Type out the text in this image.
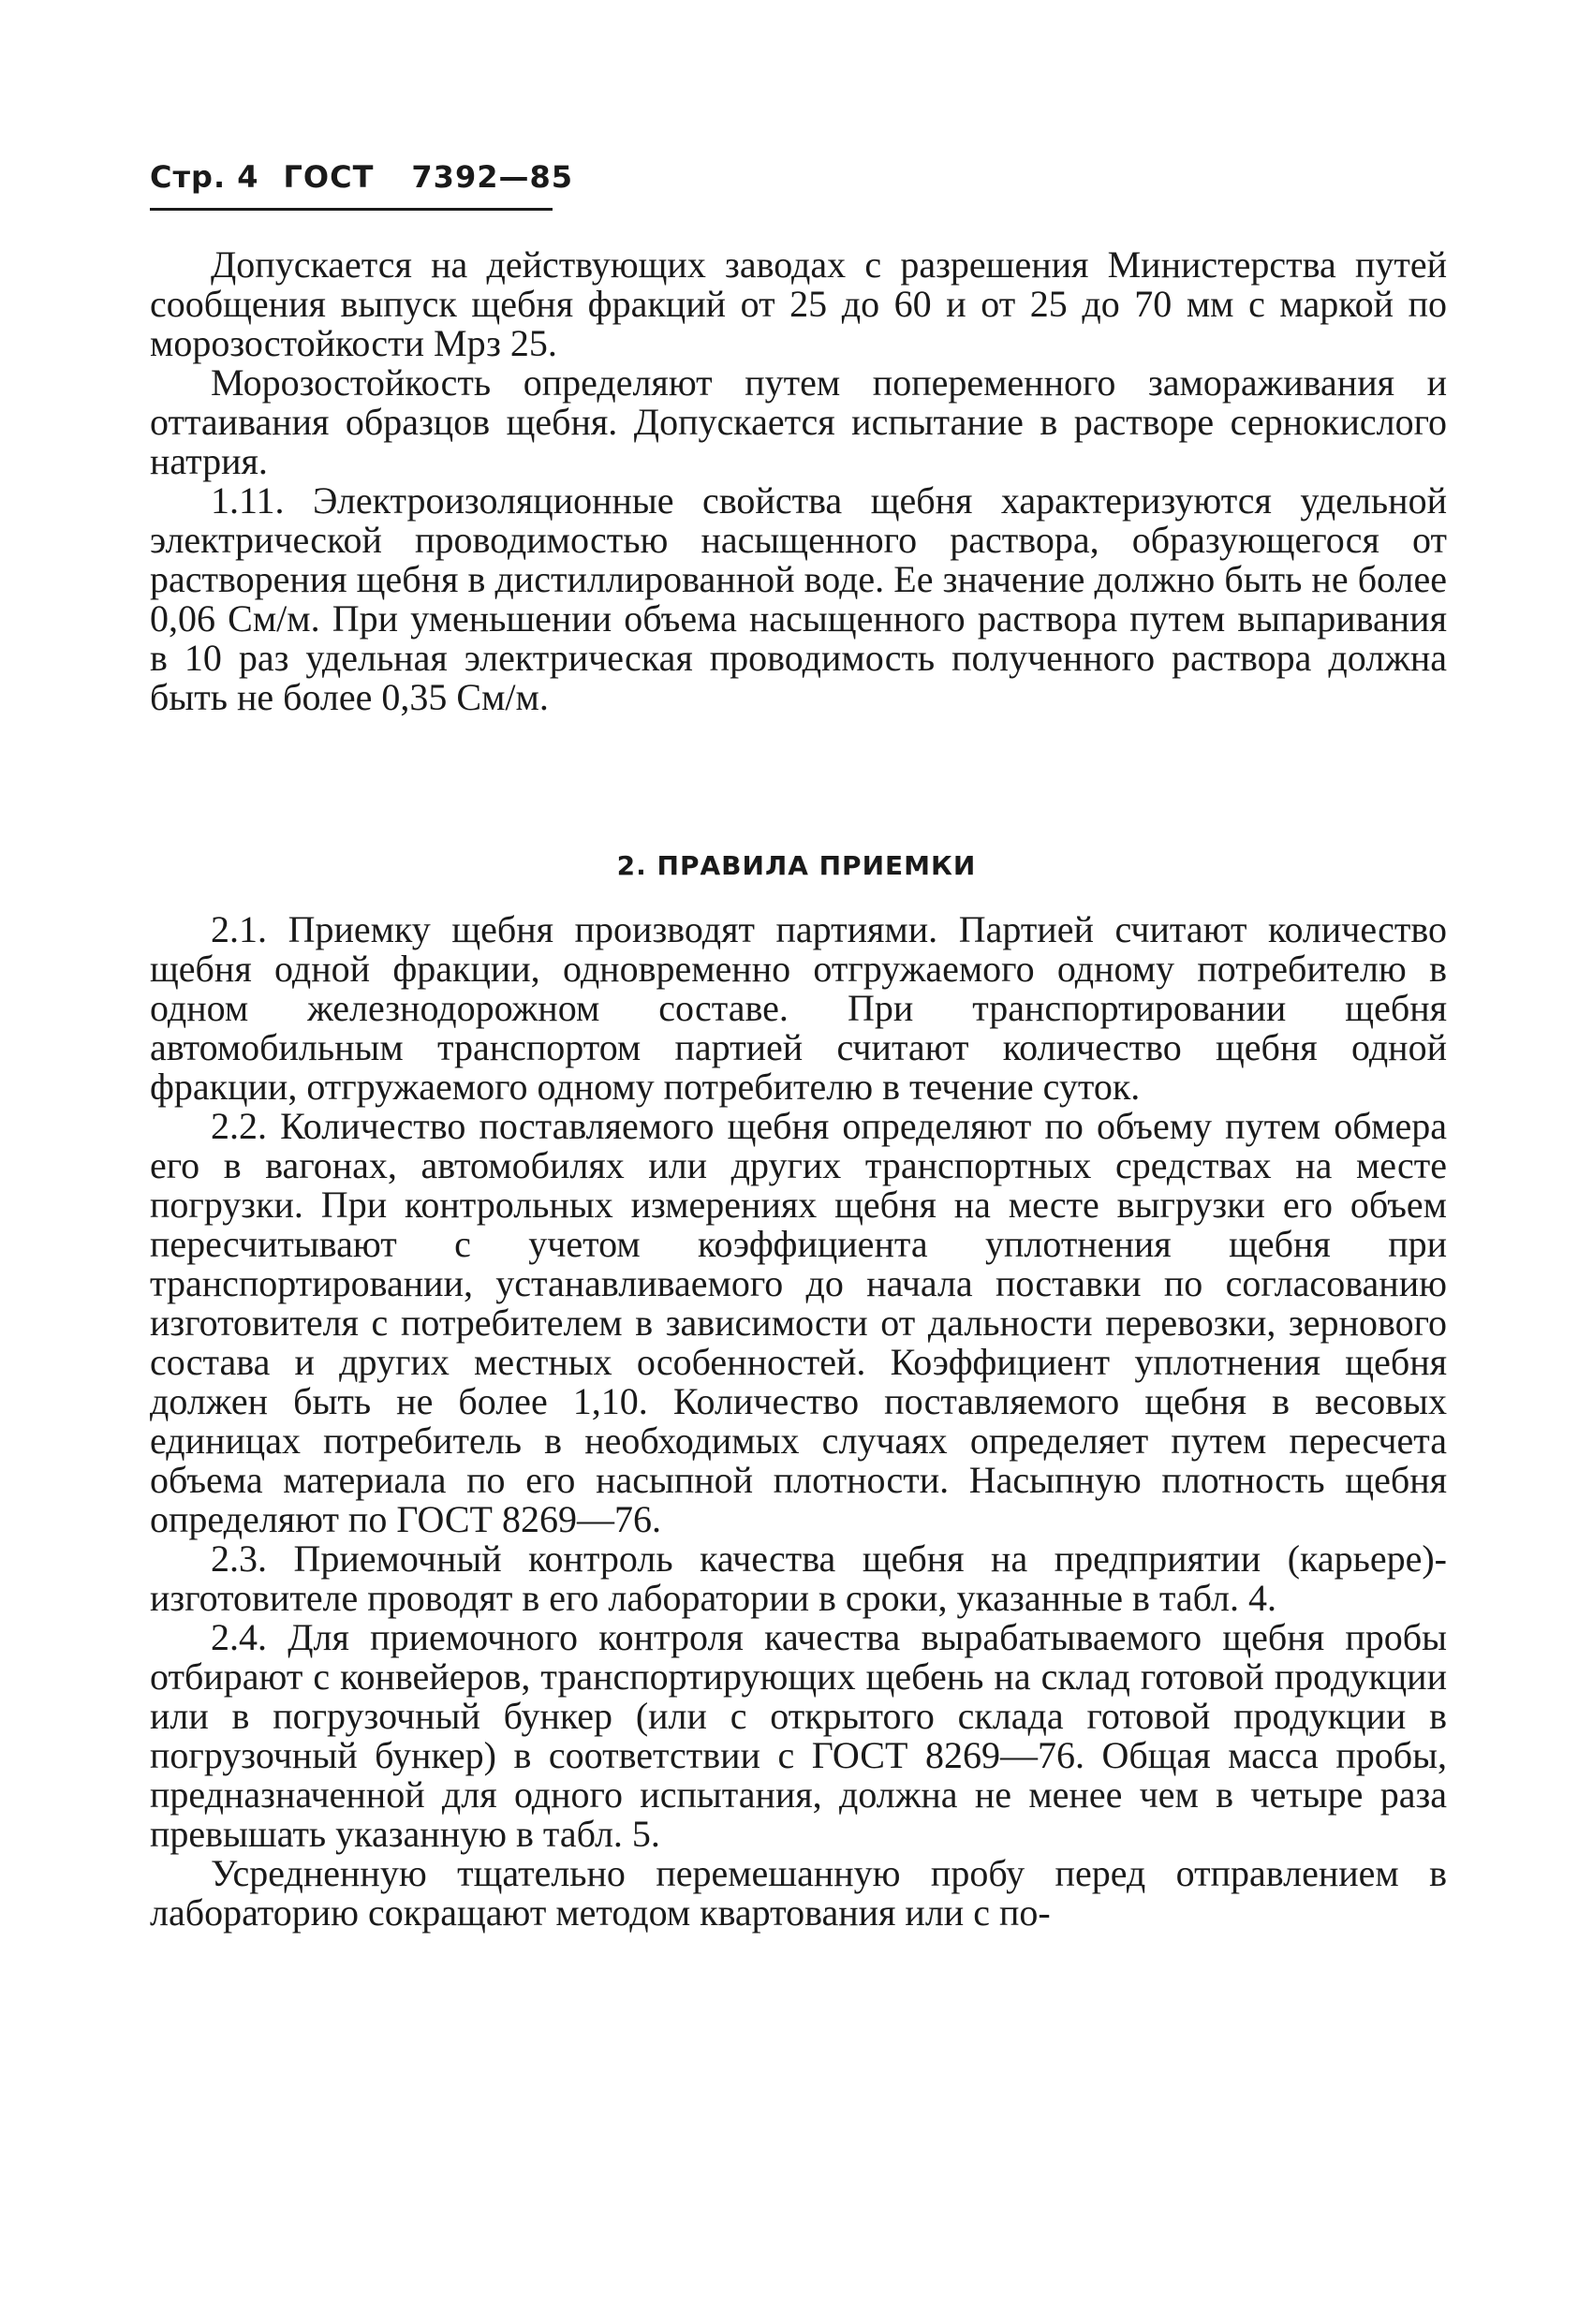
Стр. 4 ГОСТ 7392—85

Допускается на действующих заводах с разрешения Министерства путей сообщения выпуск щебня фракций от 25 до 60 и от 25 до 70 мм с маркой по морозостойкости Мрз 25.

Морозостойкость определяют путем попеременного замораживания и оттаивания образцов щебня. Допускается испытание в растворе сернокислого натрия.

1.11. Электроизоляционные свойства щебня характеризуются удельной электрической проводимостью насыщенного раствора, образующегося от растворения щебня в дистиллированной воде. Ее значение должно быть не более 0,06 См/м. При уменьшении объема насыщенного раствора путем выпаривания в 10 раз удельная электрическая проводимость полученного раствора должна быть не более 0,35 См/м.

2. ПРАВИЛА ПРИЕМКИ

2.1. Приемку щебня производят партиями. Партией считают количество щебня одной фракции, одновременно отгружаемого одному потребителю в одном железнодорожном составе. При транспортировании щебня автомобильным транспортом партией считают количество щебня одной фракции, отгружаемого одному потребителю в течение суток.

2.2. Количество поставляемого щебня определяют по объему путем обмера его в вагонах, автомобилях или других транспортных средствах на месте погрузки. При контрольных измерениях щебня на месте выгрузки его объем пересчитывают с учетом коэффициента уплотнения щебня при транспортировании, устанавливаемого до начала поставки по согласованию изготовителя с потребителем в зависимости от дальности перевозки, зернового состава и других местных особенностей. Коэффициент уплотнения щебня должен быть не более 1,10. Количество поставляемого щебня в весовых единицах потребитель в необходимых случаях определяет путем пересчета объема материала по его насыпной плотности. Насыпную плотность щебня определяют по ГОСТ 8269—76.

2.3. Приемочный контроль качества щебня на предприятии (карьере)-изготовителе проводят в его лаборатории в сроки, указанные в табл. 4.

2.4. Для приемочного контроля качества вырабатываемого щебня пробы отбирают с конвейеров, транспортирующих щебень на склад готовой продукции или в погрузочный бункер (или с открытого склада готовой продукции в погрузочный бункер) в соответствии с ГОСТ 8269—76. Общая масса пробы, предназначенной для одного испытания, должна не менее чем в четыре раза превышать указанную в табл. 5.

Усредненную тщательно перемешанную пробу перед отправлением в лабораторию сокращают методом квартования или с по-
